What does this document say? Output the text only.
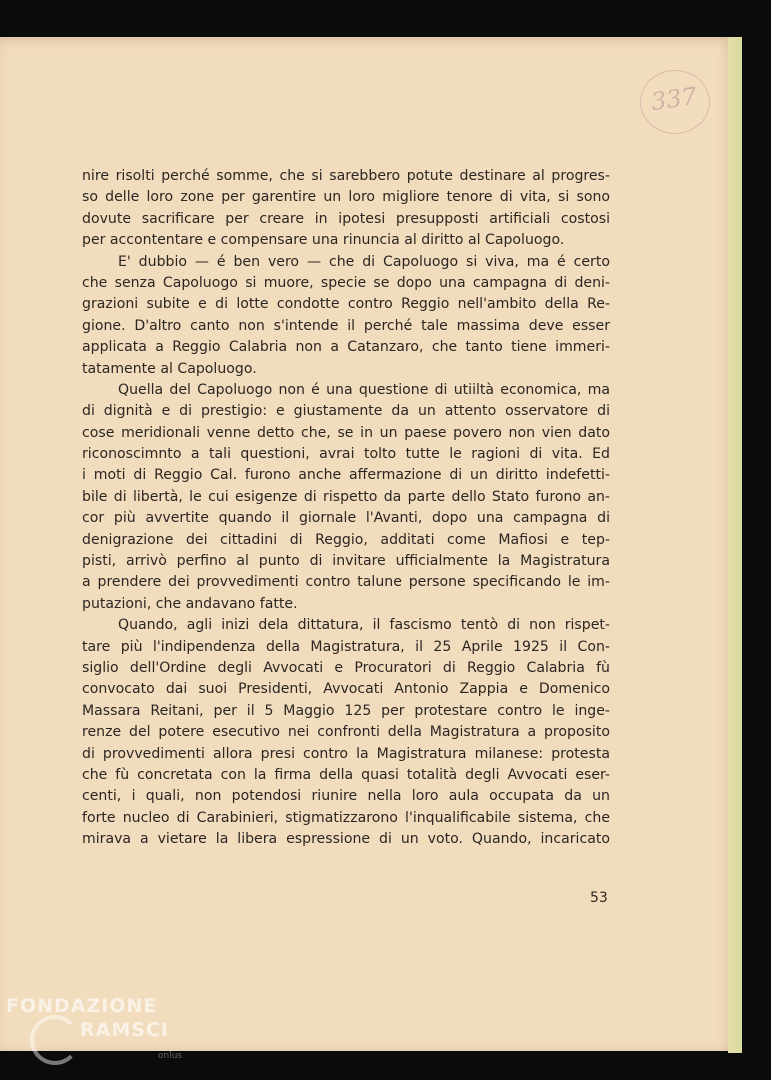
337
nire risolti perché somme, che si sarebbero potute destinare al progres-
so delle loro zone per garentire un loro migliore tenore di vita, si sono
dovute sacrificare per creare in ipotesi presupposti artificiali costosi
per accontentare e compensare una rinuncia al diritto al Capoluogo.
E' dubbio — é ben vero — che di Capoluogo si viva, ma é certo
che senza Capoluogo si muore, specie se dopo una campagna di deni-
grazioni subite e di lotte condotte contro Reggio nell'ambito della Re-
gione. D'altro canto non s'intende il perché tale massima deve esser
applicata a Reggio Calabria non a Catanzaro, che tanto tiene immeri-
tatamente al Capoluogo.
Quella del Capoluogo non é una questione di utiiltà economica, ma
di dignità e di prestigio: e giustamente da un attento osservatore di
cose meridionali venne detto che, se in un paese povero non vien dato
riconoscimnto a tali questioni, avrai tolto tutte le ragioni di vita. Ed
i moti di Reggio Cal. furono anche affermazione di un diritto indefetti-
bile di libertà, le cui esigenze di rispetto da parte dello Stato furono an-
cor più avvertite quando il giornale l'Avanti, dopo una campagna di
denigrazione dei cittadini di Reggio, additati come Mafiosi e tep-
pisti, arrivò perfino al punto di invitare ufficialmente la Magistratura
a prendere dei provvedimenti contro talune persone specificando le im-
putazioni, che andavano fatte.
Quando, agli inizi dela dittatura, il fascismo tentò di non rispet-
tare più l'indipendenza della Magistratura, il 25 Aprile 1925 il Con-
siglio dell'Ordine degli Avvocati e Procuratori di Reggio Calabria fù
convocato dai suoi Presidenti, Avvocati Antonio Zappia e Domenico
Massara Reitani, per il 5 Maggio 125 per protestare contro le inge-
renze del potere esecutivo nei confronti della Magistratura a proposito
di provvedimenti allora presi contro la Magistratura milanese: protesta
che fù concretata con la firma della quasi totalità degli Avvocati eser-
centi, i quali, non potendosi riunire nella loro aula occupata da un
forte nucleo di Carabinieri, stigmatizzarono l'inqualificabile sistema, che
mirava a vietare la libera espressione di un voto. Quando, incaricato
53
FONDAZIONE
RAMSCI
onlus
